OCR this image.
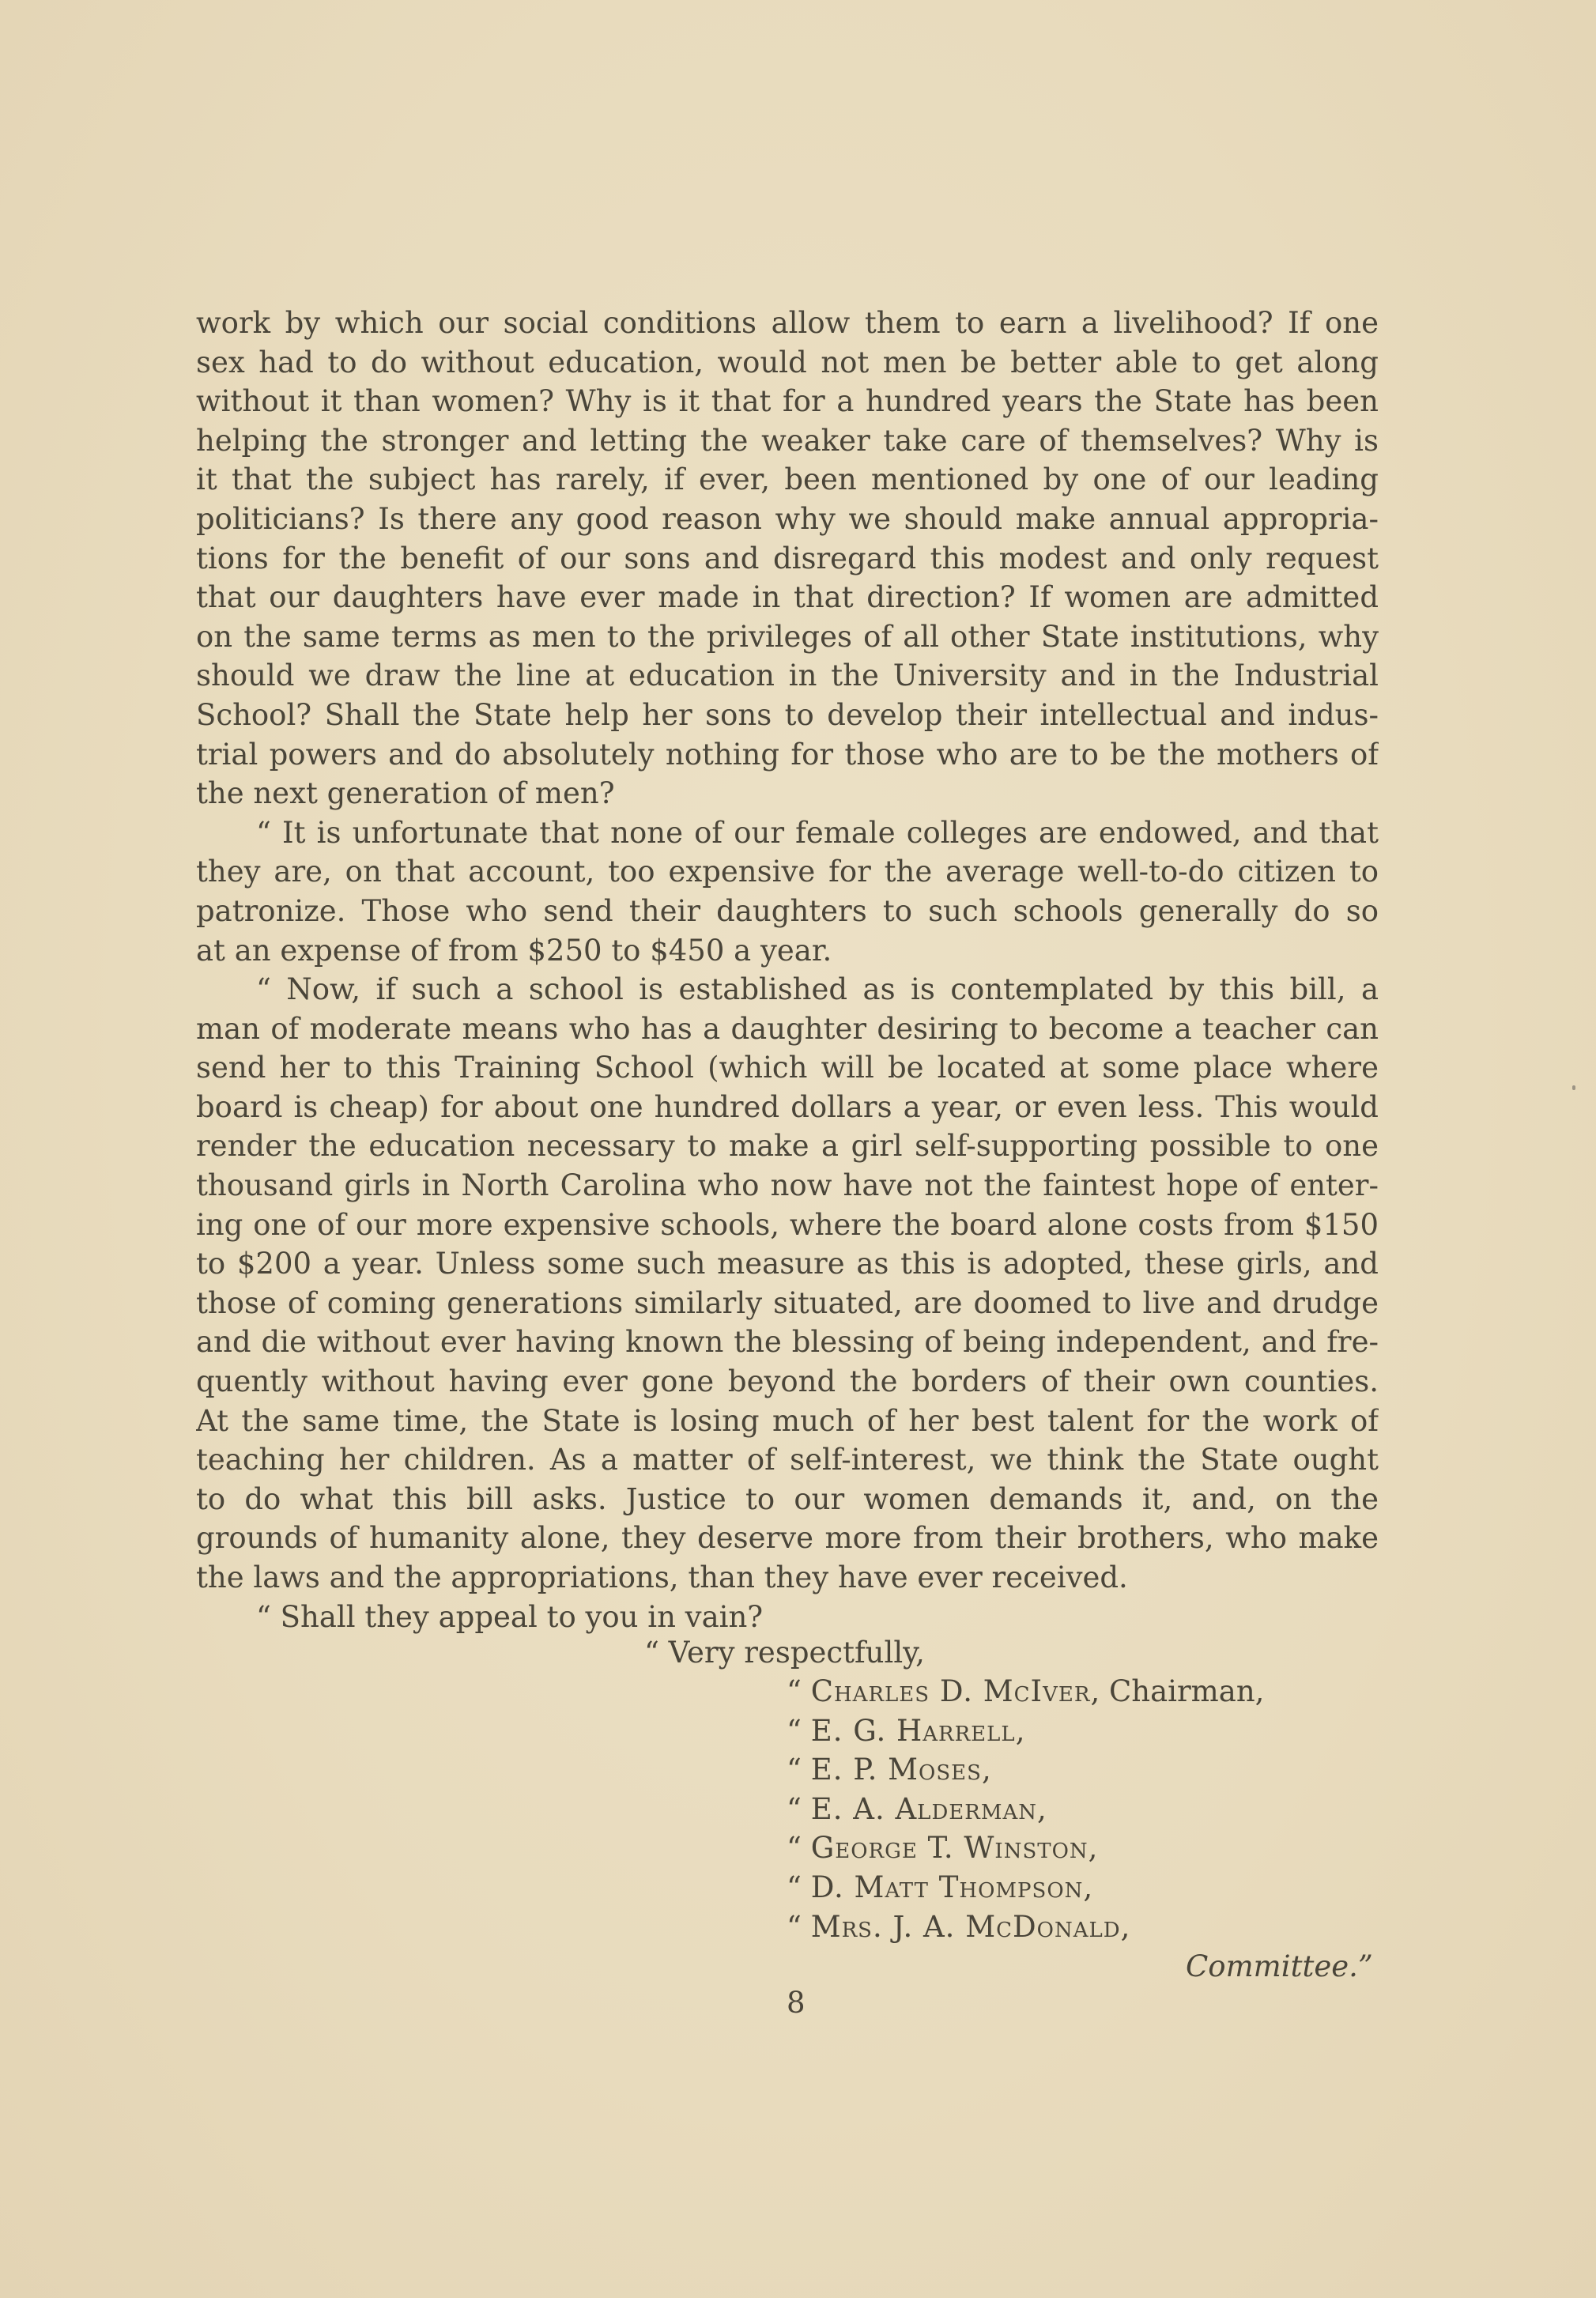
work by which our social conditions allow them to earn a livelihood? If one
sex had to do without education, would not men be better able to get along
without it than women? Why is it that for a hundred years the State has been
helping the stronger and letting the weaker take care of themselves? Why is
it that the subject has rarely, if ever, been mentioned by one of our leading
politicians? Is there any good reason why we should make annual appropria-
tions for the benefit of our sons and disregard this modest and only request
that our daughters have ever made in that direction? If women are admitted
on the same terms as men to the privileges of all other State institutions, why
should we draw the line at education in the University and in the Industrial
School? Shall the State help her sons to develop their intellectual and indus-
trial powers and do absolutely nothing for those who are to be the mothers of
the next generation of men?
“ It is unfortunate that none of our female colleges are endowed, and that
they are, on that account, too expensive for the average well-to-do citizen to
patronize. Those who send their daughters to such schools generally do so
at an expense of from $250 to $450 a year.
“ Now, if such a school is established as is contemplated by this bill, a
man of moderate means who has a daughter desiring to become a teacher can
send her to this Training School (which will be located at some place where
board is cheap) for about one hundred dollars a year, or even less. This would
render the education necessary to make a girl self-supporting possible to one
thousand girls in North Carolina who now have not the faintest hope of enter-
ing one of our more expensive schools, where the board alone costs from $150
to $200 a year. Unless some such measure as this is adopted, these girls, and
those of coming generations similarly situated, are doomed to live and drudge
and die without ever having known the blessing of being independent, and fre-
quently without having ever gone beyond the borders of their own counties.
At the same time, the State is losing much of her best talent for the work of
teaching her children. As a matter of self-interest, we think the State ought
to do what this bill asks. Justice to our women demands it, and, on the
grounds of humanity alone, they deserve more from their brothers, who make
the laws and the appropriations, than they have ever received.
“ Shall they appeal to you in vain?
“ Very respectfully,
“ Charles D. McIver, Chairman,
“ E. G. Harrell,
“ E. P. Moses,
“ E. A. Alderman,
“ George T. Winston,
“ D. Matt Thompson,
“ Mrs. J. A. McDonald,
Committee.”
8
